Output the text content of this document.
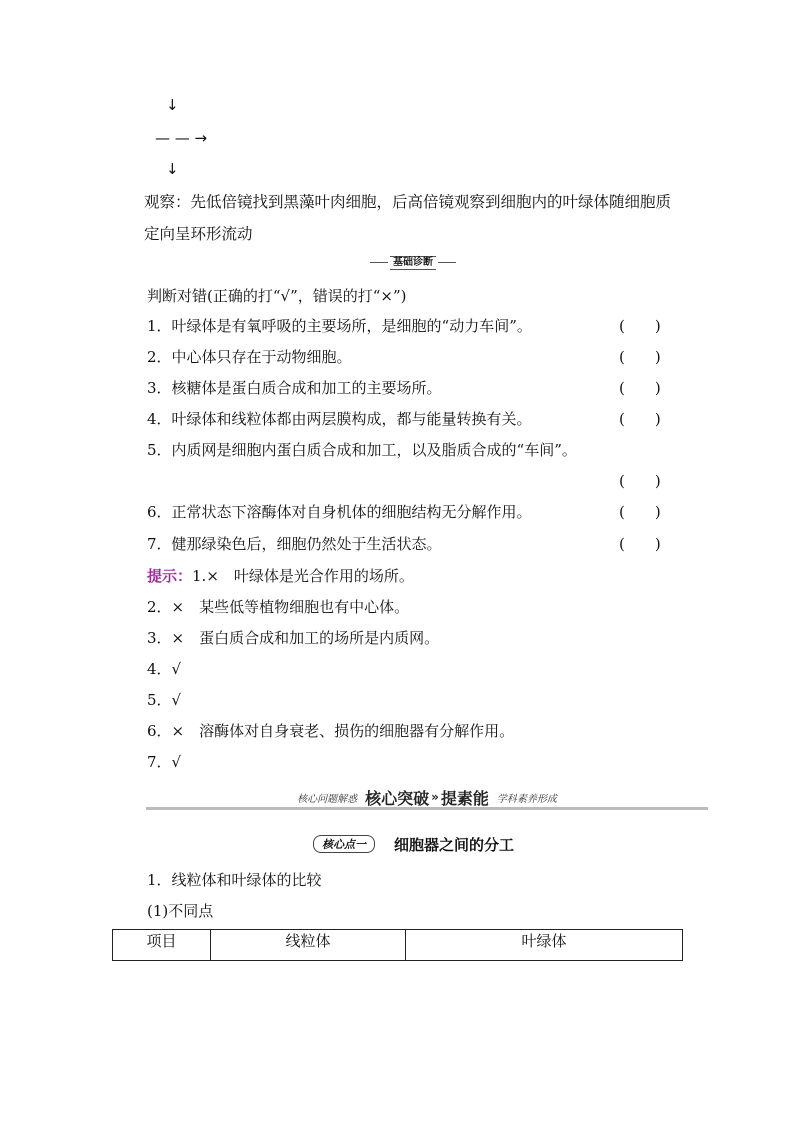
↓
— — →
↓
观察：先低倍镜找到黑藻叶肉细胞，后高倍镜观察到细胞内的叶绿体随细胞质定向呈环形流动
基础诊断
判断对错(正确的打“√”，错误的打“×”)
1．叶绿体是有氧呼吸的主要场所，是细胞的“动力车间”。	(　　)
2．中心体只存在于动物细胞。	(　　)
3．核糖体是蛋白质合成和加工的主要场所。	(　　)
4．叶绿体和线粒体都由两层膜构成，都与能量转换有关。	(　　)
5．内质网是细胞内蛋白质合成和加工，以及脂质合成的“车间”。
(　　)
6．正常状态下溶酶体对自身机体的细胞结构无分解作用。	(　　)
7．健那绿染色后，细胞仍然处于生活状态。	(　　)
提示：1.×　叶绿体是光合作用的场所。
2．×　某些低等植物细胞也有中心体。
3．×　蛋白质合成和加工的场所是内质网。
4．√
5．√
6．×　溶酶体对自身衰老、损伤的细胞器有分解作用。
7．√
核心问题解惑 核心突破 » 提素能 学科素养形成
核心点一	细胞器之间的分工
1．线粒体和叶绿体的比较
(1)不同点
项目	线粒体	叶绿体
